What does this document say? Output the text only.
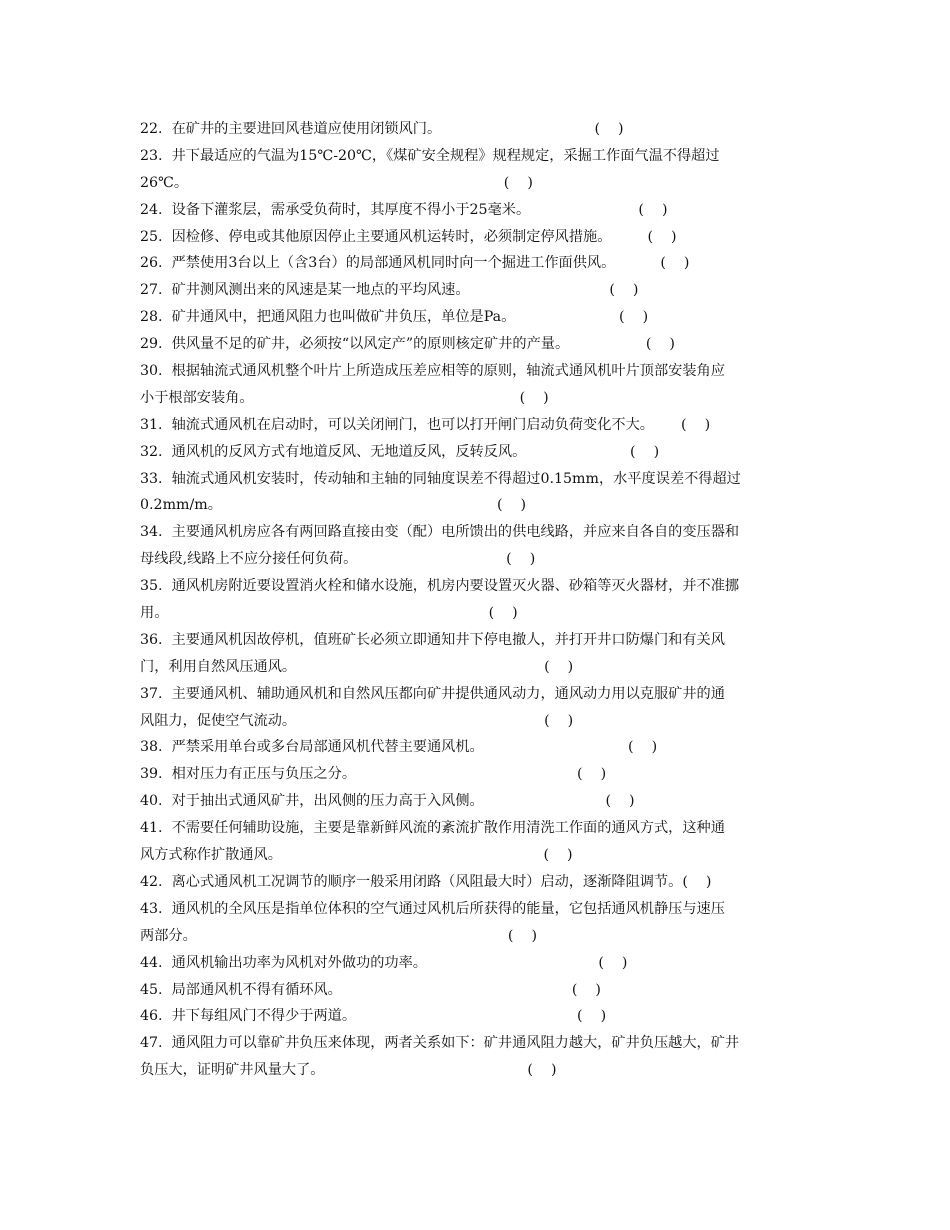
22.  在矿井的主要进回风巷道应使用闭锁风门。                                  (    )
23.  井下最适应的气温为15℃-20℃，《煤矿安全规程》规程规定，采掘工作面气温不得超过
26℃。                                                                      (    )
24.  设备下灌浆层，需承受负荷时，其厚度不得小于25毫米。                        (    )
25.  因检修、停电或其他原因停止主要通风机运转时，必须制定停风措施。        (    )
26.  严禁使用3台以上（含3台）的局部通风机同时向一个掘进工作面供风。          (    )
27.  矿井测风测出来的风速是某一地点的平均风速。                               (    )
28.  矿井通风中，把通风阻力也叫做矿井负压，单位是Pa。                       (    )
29.  供风量不足的矿井，必须按“以风定产”的原则核定矿井的产量。                 (    )
30.  根据轴流式通风机整个叶片上所造成压差应相等的原则，轴流式通风机叶片顶部安装角应
小于根部安装角。                                                           (    )
31.  轴流式通风机在启动时，可以关闭闸门，也可以打开闸门启动负荷变化不大。      (    )
32.  通风机的反风方式有地道反风、无地道反风，反转反风。                       (    )
33.  轴流式通风机安装时，传动轴和主轴的同轴度误差不得超过0.15mm，水平度误差不得超过
0.2mm/m。                                                             (    )
34.  主要通风机房应各有两回路直接由变（配）电所馈出的供电线路，并应来自各自的变压器和
母线段,线路上不应分接任何负荷。                                 (    )
35.  通风机房附近要设置消火栓和储水设施，机房内要设置灭火器、砂箱等灭火器材，并不准挪
用。                                                                       (    )
36.  主要通风机因故停机，值班矿长必须立即通知井下停电撤人，并打开井口防爆门和有关风
门，利用自然风压通风。                                                       (    )
37.  主要通风机、辅助通风机和自然风压都向矿井提供通风动力，通风动力用以克服矿井的通
风阻力，促使空气流动。                                                       (    )
38.  严禁采用单台或多台局部通风机代替主要通风机。                                (    )
39.  相对压力有正压与负压之分。                                                 (    )
40.  对于抽出式通风矿井，出风侧的压力高于入风侧。                           (    )
41.  不需要任何辅助设施，主要是靠新鲜风流的紊流扩散作用清洗工作面的通风方式，这种通
风方式称作扩散通风。                                                          (    )
42.  离心式通风机工况调节的顺序一般采用闭路（风阻最大时）启动，逐渐降阻调节。(    )
43.  通风机的全风压是指单位体积的空气通过风机后所获得的能量，它包括通风机静压与速压
两部分。                                                                     (    )
44.  通风机输出功率为风机对外做功的功率。                                      (    )
45.  局部通风机不得有循环风。                                                   (    )
46.  井下每组风门不得少于两道。                                                 (    )
47.  通风阻力可以靠矿井负压来体现，两者关系如下：矿井通风阻力越大，矿井负压越大，矿井
负压大，证明矿井风量大了。                                             (    )
